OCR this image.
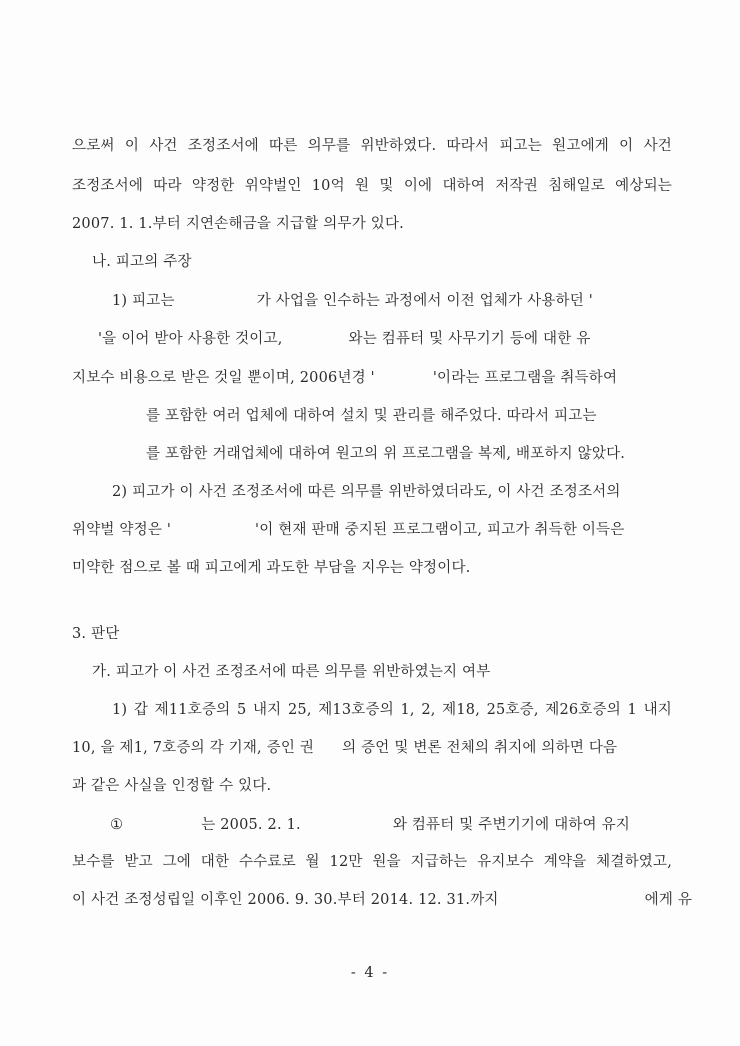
으로써 이 사건 조정조서에 따른 의무를 위반하였다. 따라서 피고는 원고에게 이 사건
조정조서에 따라 약정한 위약벌인 10억 원 및 이에 대하여 저작권 침해일로 예상되는
2007. 1. 1.부터 지연손해금을 지급할 의무가 있다.
나. 피고의 주장
1) 피고는	가 사업을 인수하는 과정에서 이전 업체가 사용하던 '
'을 이어 받아 사용한 것이고,	와는 컴퓨터 및 사무기기 등에 대한 유
지보수 비용으로 받은 것일 뿐이며, 2006년경 '	'이라는 프로그램을 취득하여
를 포함한 여러 업체에 대하여 설치 및 관리를 해주었다. 따라서 피고는
를 포함한 거래업체에 대하여 원고의 위 프로그램을 복제, 배포하지 않았다.
2) 피고가 이 사건 조정조서에 따른 의무를 위반하였더라도, 이 사건 조정조서의
위약벌 약정은 '	'이 현재 판매 중지된 프로그램이고, 피고가 취득한 이득은
미약한 점으로 볼 때 피고에게 과도한 부담을 지우는 약정이다.
3. 판단
가. 피고가 이 사건 조정조서에 따른 의무를 위반하였는지 여부
1) 갑 제11호증의 5 내지 25, 제13호증의 1, 2, 제18, 25호증, 제26호증의 1 내지
10, 을 제1, 7호증의 각 기재, 증인 권 의 증언 및 변론 전체의 취지에 의하면 다음
과 같은 사실을 인정할 수 있다.
①	는 2005. 2. 1.	와 컴퓨터 및 주변기기에 대하여 유지
보수를 받고 그에 대한 수수료로 월 12만 원을 지급하는 유지보수 계약을 체결하였고,
이 사건 조정성립일 이후인 2006. 9. 30.부터 2014. 12. 31.까지	에게 유
- 4 -
